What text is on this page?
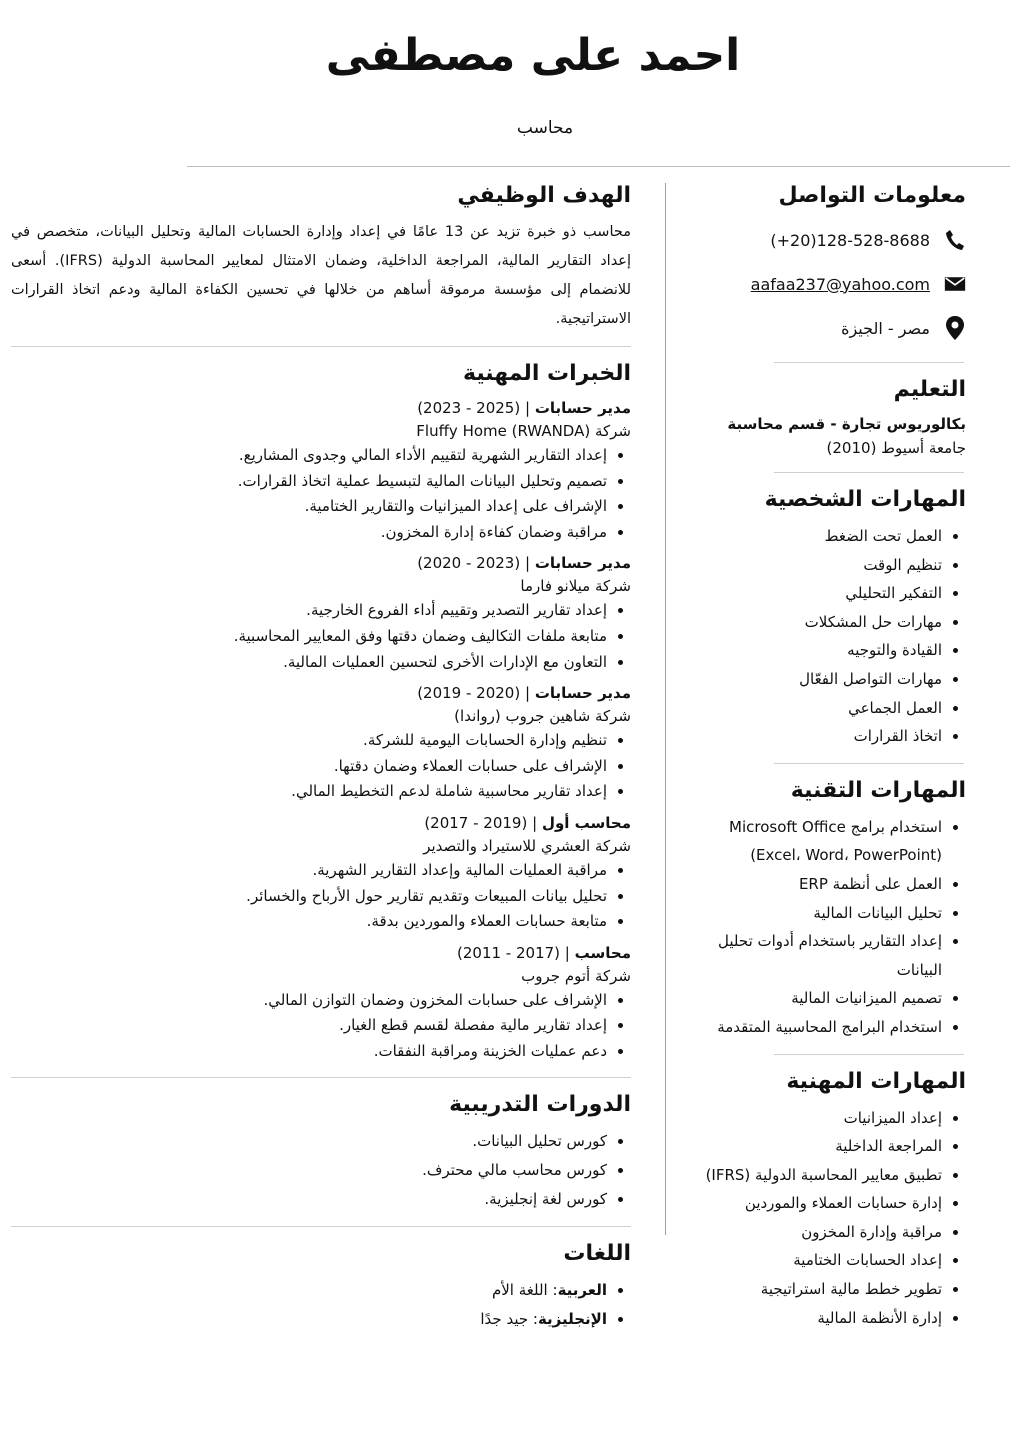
احمد على مصطفى

محاسب

معلومات التواصل
(+20)128-528-8688
aafaa237@yahoo.com
مصر - الجيزة
التعليم
بكالوريوس تجارة - قسم محاسبة
جامعة أسيوط (2010)
المهارات الشخصية
• العمل تحت الضغط
• تنظيم الوقت
• التفكير التحليلي
• مهارات حل المشكلات
• القيادة والتوجيه
• مهارات التواصل الفعّال
• العمل الجماعي
• اتخاذ القرارات
المهارات التقنية
• استخدام برامج Microsoft Office (Excel، Word، PowerPoint)
• العمل على أنظمة ERP
• تحليل البيانات المالية
• إعداد التقارير باستخدام أدوات تحليل البيانات
• تصميم الميزانيات المالية
• استخدام البرامج المحاسبية المتقدمة
المهارات المهنية
• إعداد الميزانيات
• المراجعة الداخلية
• تطبيق معايير المحاسبة الدولية (IFRS)
• إدارة حسابات العملاء والموردين
• مراقبة وإدارة المخزون
• إعداد الحسابات الختامية
• تطوير خطط مالية استراتيجية
• إدارة الأنظمة المالية
الهدف الوظيفي

محاسب ذو خبرة تزيد عن 13 عامًا في إعداد وإدارة الحسابات المالية وتحليل البيانات، متخصص في إعداد التقارير المالية، المراجعة الداخلية، وضمان الامتثال لمعايير المحاسبة الدولية (IFRS). أسعى للانضمام إلى مؤسسة مرموقة أساهم من خلالها في تحسين الكفاءة المالية ودعم اتخاذ القرارات الاستراتيجية.

الخبرات المهنية
مدير حسابات | (2023 - 2025)
شركة Fluffy Home (RWANDA)
• إعداد التقارير الشهرية لتقييم الأداء المالي وجدوى المشاريع.
• تصميم وتحليل البيانات المالية لتبسيط عملية اتخاذ القرارات.
• الإشراف على إعداد الميزانيات والتقارير الختامية.
• مراقبة وضمان كفاءة إدارة المخزون.
مدير حسابات | (2020 - 2023)
شركة ميلانو فارما
• إعداد تقارير التصدير وتقييم أداء الفروع الخارجية.
• متابعة ملفات التكاليف وضمان دقتها وفق المعايير المحاسبية.
• التعاون مع الإدارات الأخرى لتحسين العمليات المالية.
مدير حسابات | (2019 - 2020)
شركة شاهين جروب (رواندا)
• تنظيم وإدارة الحسابات اليومية للشركة.
• الإشراف على حسابات العملاء وضمان دقتها.
• إعداد تقارير محاسبية شاملة لدعم التخطيط المالي.
محاسب أول | (2017 - 2019)
شركة العشري للاستيراد والتصدير
• مراقبة العمليات المالية وإعداد التقارير الشهرية.
• تحليل بيانات المبيعات وتقديم تقارير حول الأرباح والخسائر.
• متابعة حسابات العملاء والموردين بدقة.
محاسب | (2011 - 2017)
شركة أتوم جروب
• الإشراف على حسابات المخزون وضمان التوازن المالي.
• إعداد تقارير مالية مفصلة لقسم قطع الغيار.
• دعم عمليات الخزينة ومراقبة النفقات.
الدورات التدريبية
• كورس تحليل البيانات.
• كورس محاسب مالي محترف.
• كورس لغة إنجليزية.
اللغات
• العربية: اللغة الأم
• الإنجليزية: جيد جدًا
